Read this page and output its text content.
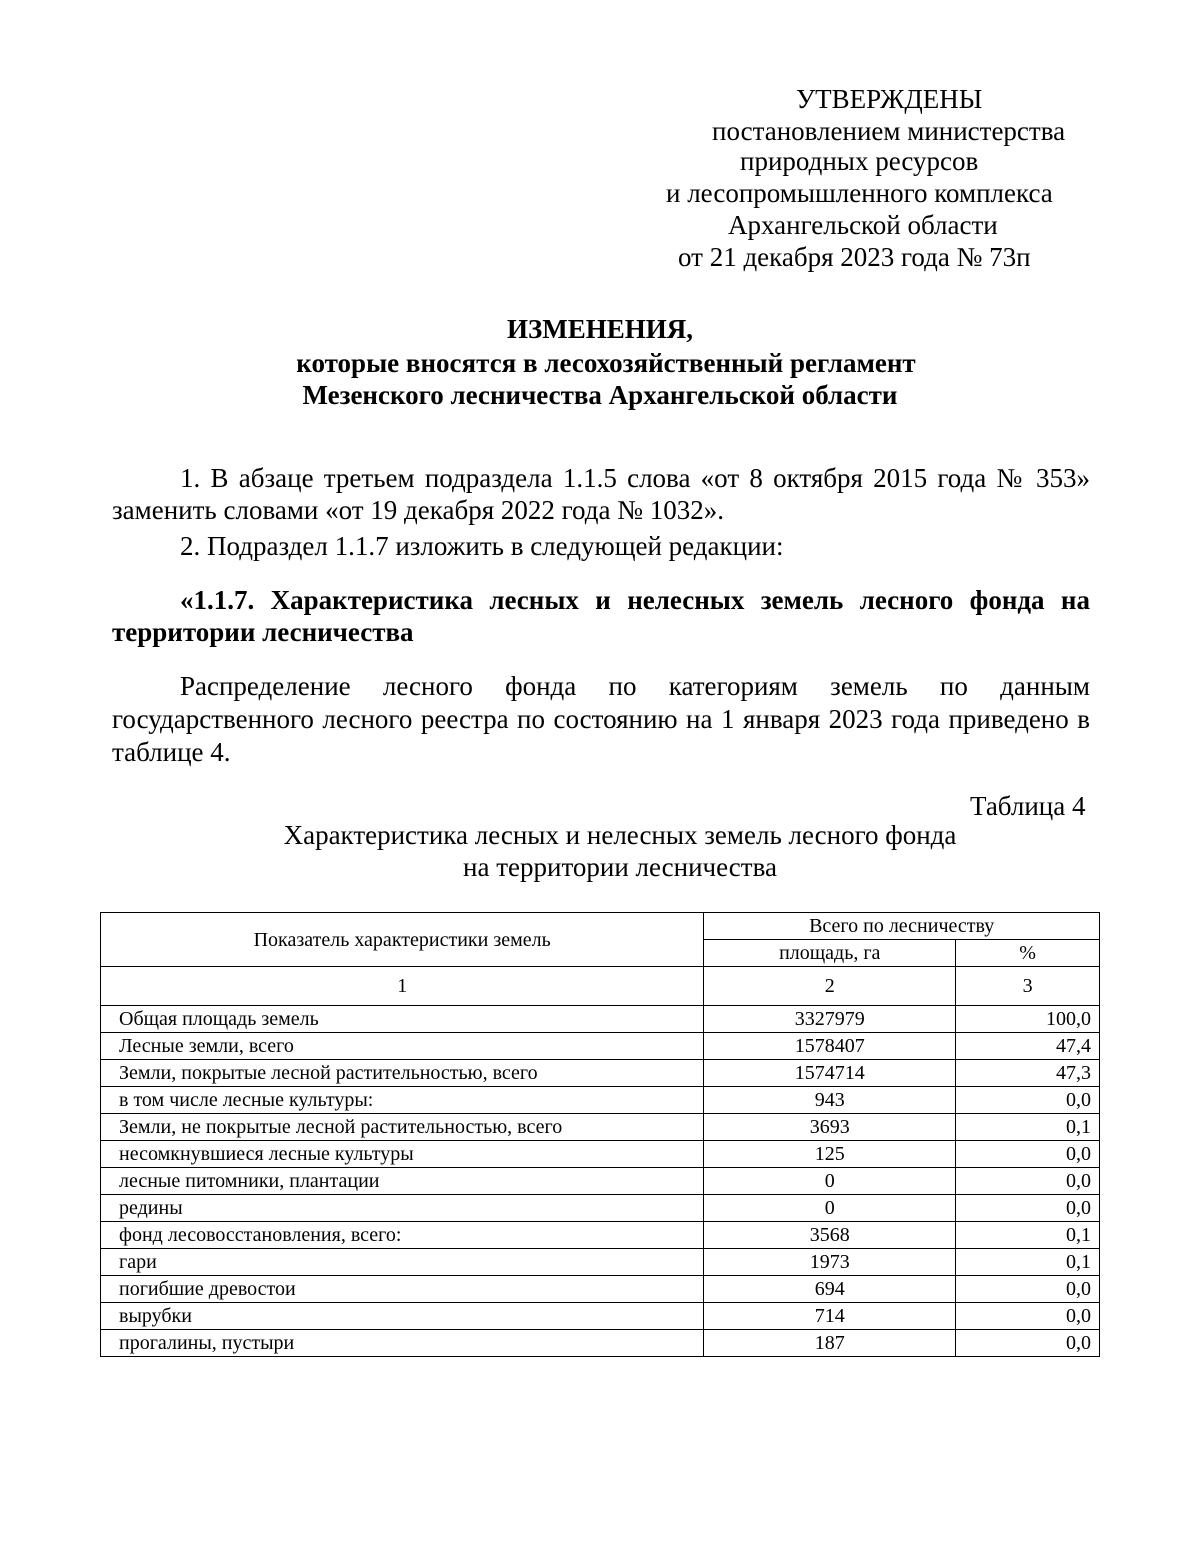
УТВЕРЖДЕНЫ
постановлением министерства
природных ресурсов
и лесопромышленного комплекса
Архангельской области
от 21 декабря 2023 года № 73п
ИЗМЕНЕНИЯ,
которые вносятся в лесохозяйственный регламент
Мезенского лесничества Архангельской области
1. В абзаце третьем подраздела 1.1.5 слова «от 8 октября 2015 года № 353» заменить словами «от 19 декабря 2022 года № 1032».
2. Подраздел 1.1.7 изложить в следующей редакции:
«1.1.7. Характеристика лесных и нелесных земель лесного фонда на территории лесничества
Распределение лесного фонда по категориям земель по данным государственного лесного реестра по состоянию на 1 января 2023 года приведено в таблице 4.
Таблица 4
Характеристика лесных и нелесных земель лесного фонда
на территории лесничества
Показатель характеристики земель	Всего по лесничеству	
	площадь, га	%
1	2	3
Общая площадь земель	3327979	100,0
Лесные земли, всего	1578407	47,4
Земли, покрытые лесной растительностью, всего	1574714	47,3
в том числе лесные культуры:	943	0,0
Земли, не покрытые лесной растительностью, всего	3693	0,1
несомкнувшиеся лесные культуры	125	0,0
лесные питомники, плантации	0	0,0
редины	0	0,0
фонд лесовосстановления, всего:	3568	0,1
гари	1973	0,1
погибшие древостои	694	0,0
вырубки	714	0,0
прогалины, пустыри	187	0,0
